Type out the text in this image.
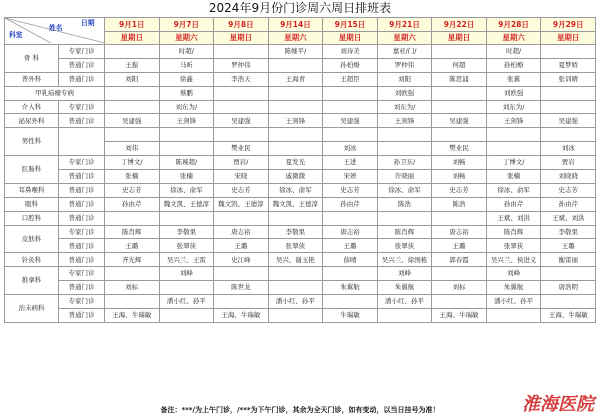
2024年9月份门诊周六周日排班表
科室
姓名
日期		9月1日	9月7日	9月8日	9月14日	9月15日	9月21日	9月22日	9月28日	9月29日
		星期日	星期六	星期日	星期六	星期日	星期六	星期日	星期六	星期日
骨 科	专家门诊		时超/		陈继平/	刘诗美	嘉亚/门/		时超/	
	普通门诊	王振	马昕	罗仲伟		孙柏燎	罗仲伟	何超	孙柏燎	夏梦娇
普外科	普通门诊	刘阳	徐鑫	李浩天	王海青	王超臣	刘阳	陈思浦	张翼	张训晴
甲乳疝瘤专病			蔡鹏				刘欧强		刘欧强	
介入科	专家门诊		刘东为/				刘东为/		刘东为/	
泌尿外科	普通门诊	吴建强	王剑锋	吴建强	王剑锋	吴建强	王剑锋	吴建强	王剑锋	吴建强
男性科										
		刘伟		樊业民		刘冰		樊业民		刘冰
肛肠科	专家门诊	丁博文/	陈琬超/	贾岩/	夏发光	王进	孙卫东/	刘畅	丁博文/	贾岩
	普通门诊	张楠	张楠	宋晓	戚微微	宋妍	许晓丽	刘畅	张楠	刘晓晓
耳鼻喉科	普通门诊	史志芳	徐冰、俞军	史志芳	徐冰、俞军	史志芳	徐冰、俞军	史志芳	徐冰、俞军	史志芳
眼科	普通门诊	孙由芹	魏文凯、王德淳	魏文凯、王德淳	魏文凯、王德淳	孙由芹	陈浩	陈浩	孙由芹	孙由芹
口腔科	普通门诊								王斌、刘洪	王斌、刘洪
皮肤科	专家门诊	陈肖辉	李敬果	唐志裕	李敬果	唐志裕	陈肖辉	唐志裕	陈肖辉	李敬果
	普通门诊	王璐	张翠侠	王璐	张翠侠	王璐	张翠侠	王璐	张翠侠	王璐
针灸科	普通门诊	齐光辉	吴兴兰、王雷	史江峰	吴兴、谢玉艳	薛晴	吴兴兰、徐国栋	郭春霞	吴兴兰、侯进义	衡雷丽
推拿科	专家门诊		刘峰				刘峰		刘峰	
	普通门诊	刘标		陈世龙		朱翼航	朱翼航	刘标	朱翼航	唐浩明
治未病科	专家门诊		潘小红、孙平		潘小红、孙平		潘小红、孙平		潘小红、孙平	
	普通门诊	王海、牛瑞敏		王海、牛瑞敏		牛瑞敏		王海、牛瑞敏		王海、牛瑞敏
备注：***/为上午门诊，/***为下午门诊，其余为全天门诊，如有变动，以当日挂号为准！	淮海医院
